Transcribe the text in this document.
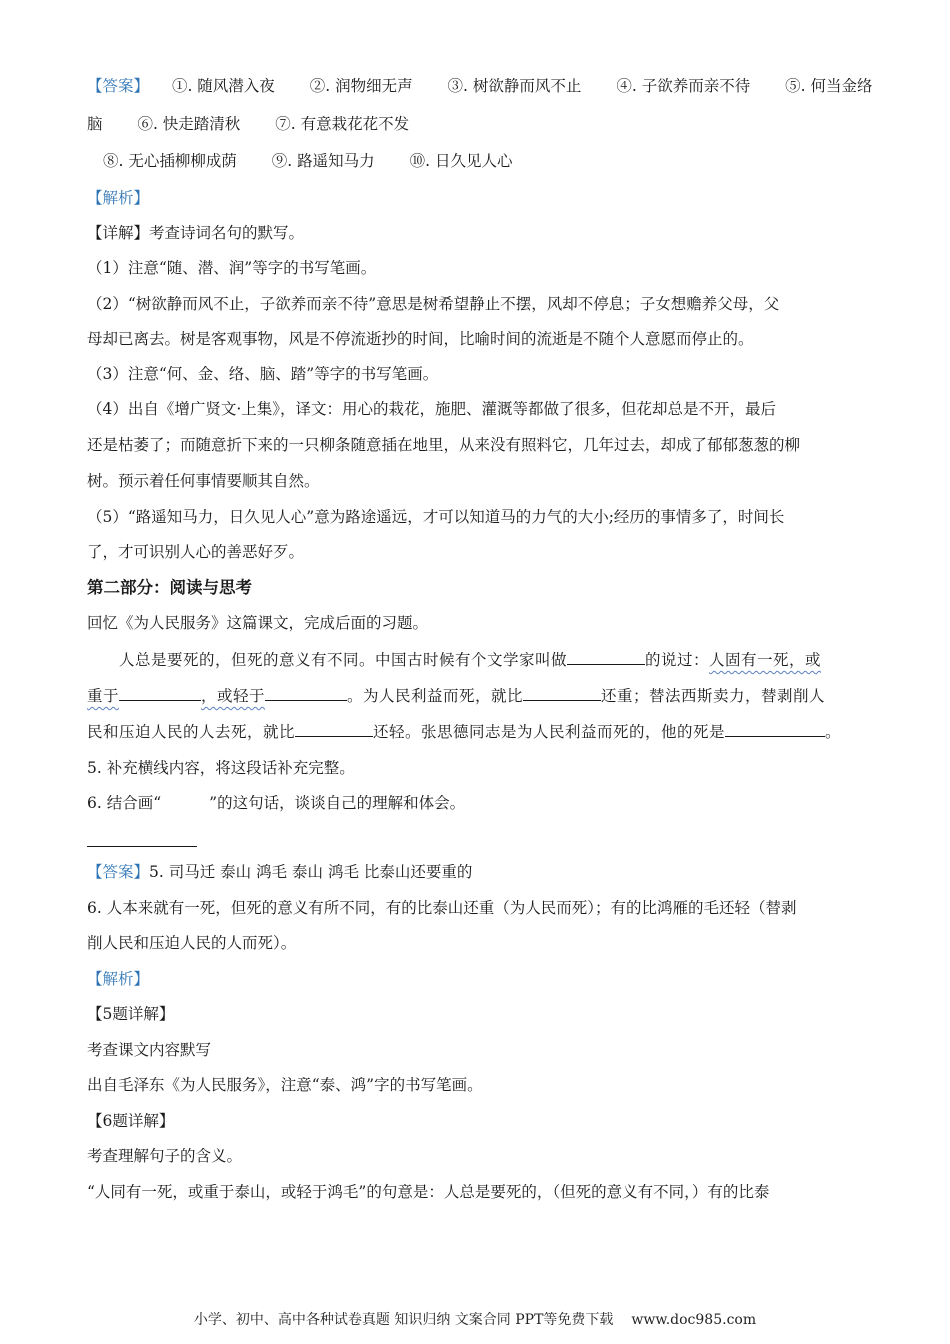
【答案】 ①. 随风潜入夜 ②. 润物细无声 ③. 树欲静而风不止 ④. 子欲养而亲不待 ⑤. 何当金络
脑 ⑥. 快走踏清秋 ⑦. 有意栽花花不发
⑧. 无心插柳柳成荫 ⑨. 路遥知马力 ⑩. 日久见人心
【解析】
【详解】考查诗词名句的默写。
（1）注意“随、潜、润”等字的书写笔画。
（2）“树欲静而风不止，子欲养而亲不待”意思是树希望静止不摆，风却不停息；子女想赡养父母，父
母却已离去。树是客观事物，风是不停流逝抄的时间，比喻时间的流逝是不随个人意愿而停止的。
（3）注意“何、金、络、脑、踏”等字的书写笔画。
（4）出自《增广贤文·上集》，译文：用心的栽花，施肥、灌溉等都做了很多，但花却总是不开，最后
还是枯萎了；而随意折下来的一只柳条随意插在地里，从来没有照料它，几年过去，却成了郁郁葱葱的柳
树。预示着任何事情要顺其自然。
（5）“路遥知马力，日久见人心”意为路途遥远，才可以知道马的力气的大小;经历的事情多了，时间长
了，才可识别人心的善恶好歹。
第二部分：阅读与思考
回忆《为人民服务》这篇课文，完成后面的习题。
人总是要死的，但死的意义有不同。中国古时候有个文学家叫做	的说过：人固有一死，或
重于	，或轻于	。为人民利益而死，就比	还重；替法西斯卖力，替剥削人
民和压迫人民的人去死，就比	还轻。张思德同志是为人民利益而死的，他的死是	。
5. 补充横线内容，将这段话补充完整。
6. 结合画“	”的这句话，谈谈自己的理解和体会。
【答案】5. 司马迁 泰山 鸿毛 泰山 鸿毛 比泰山还要重的
6. 人本来就有一死，但死的意义有所不同，有的比泰山还重（为人民而死）；有的比鸿雁的毛还轻（替剥
削人民和压迫人民的人而死）。
【解析】
【5题详解】
考查课文内容默写
出自毛泽东《为人民服务》，注意“泰、鸿”字的书写笔画。
【6题详解】
考查理解句子的含义。
“人同有一死，或重于泰山，或轻于鸿毛”的句意是：人总是要死的，（但死的意义有不同，）有的比泰
小学、初中、高中各种试卷真题 知识归纳 文案合同 PPT等免费下载 www.doc985.com
